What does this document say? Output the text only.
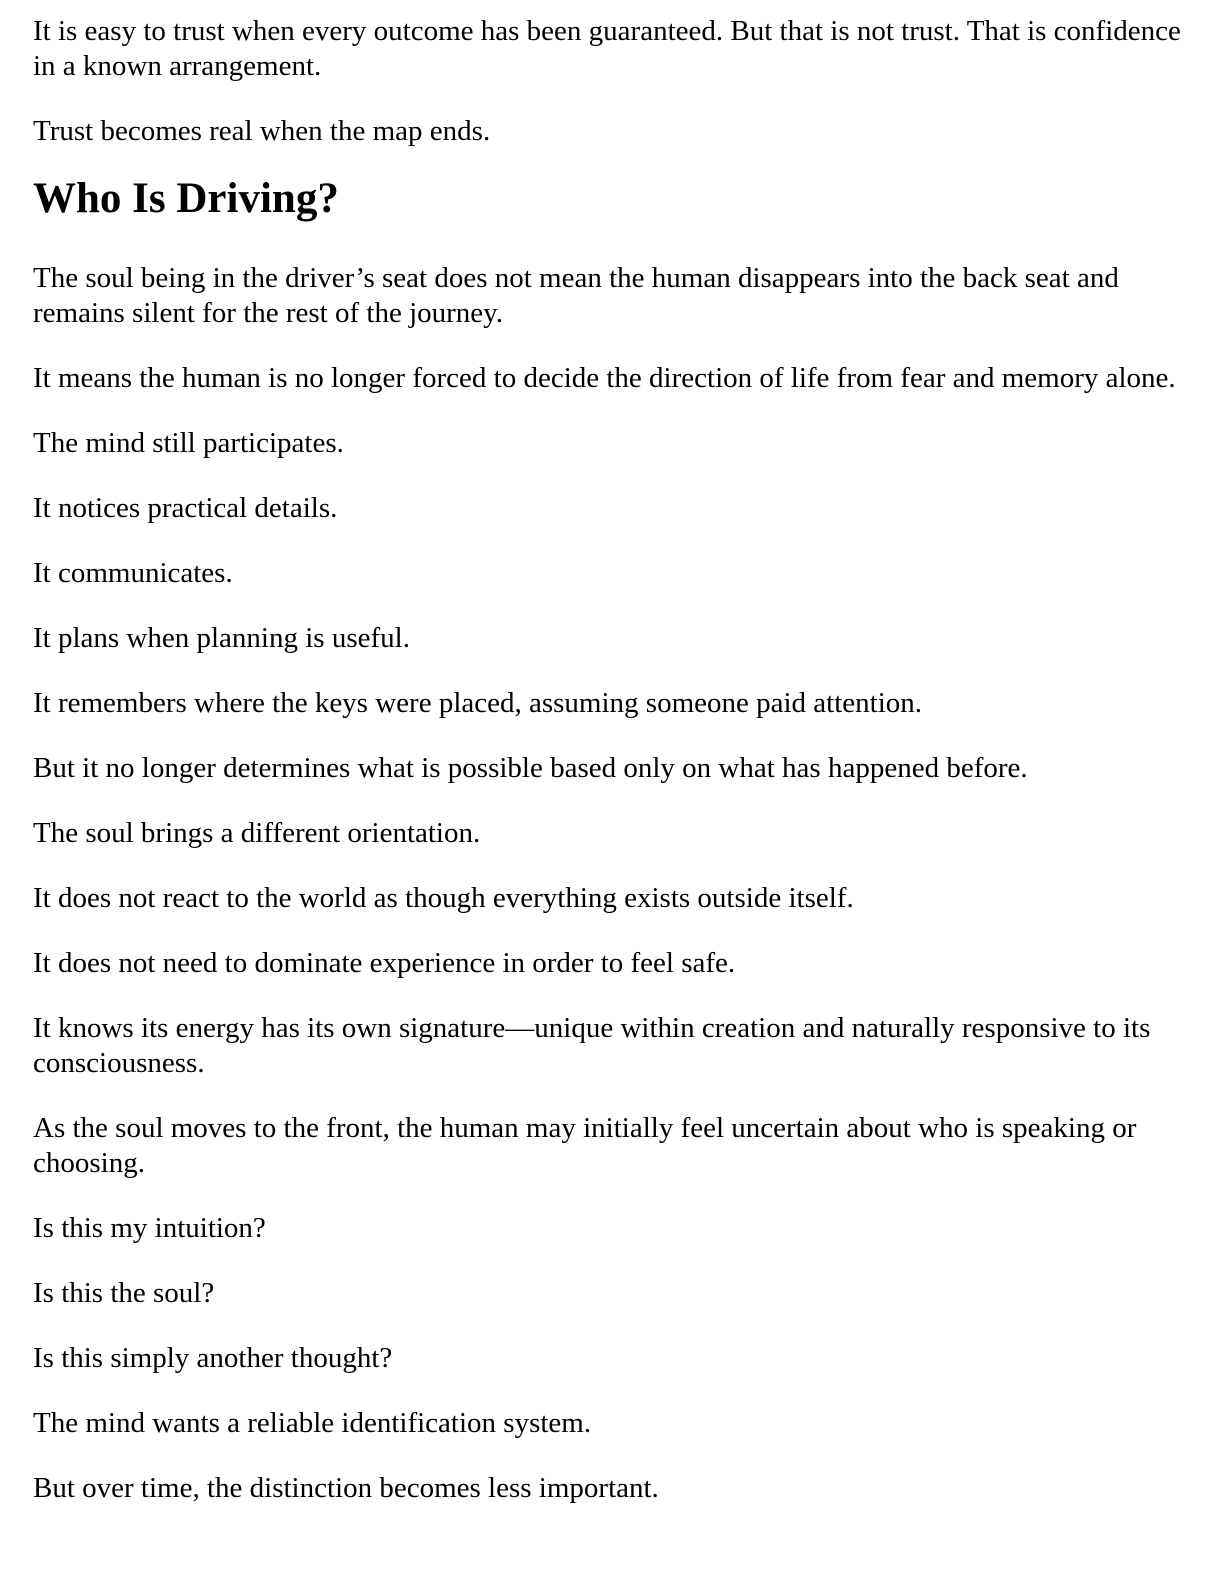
It is easy to trust when every outcome has been guaranteed. But that is not trust. That is confidence in a known arrangement.

Trust becomes real when the map ends.

Who Is Driving?

The soul being in the driver’s seat does not mean the human disappears into the back seat and remains silent for the rest of the journey.

It means the human is no longer forced to decide the direction of life from fear and memory alone.

The mind still participates.

It notices practical details.

It communicates.

It plans when planning is useful.

It remembers where the keys were placed, assuming someone paid attention.

But it no longer determines what is possible based only on what has happened before.

The soul brings a different orientation.

It does not react to the world as though everything exists outside itself.

It does not need to dominate experience in order to feel safe.

It knows its energy has its own signature—unique within creation and naturally responsive to its consciousness.

As the soul moves to the front, the human may initially feel uncertain about who is speaking or choosing.

Is this my intuition?

Is this the soul?

Is this simply another thought?

The mind wants a reliable identification system.

But over time, the distinction becomes less important.
